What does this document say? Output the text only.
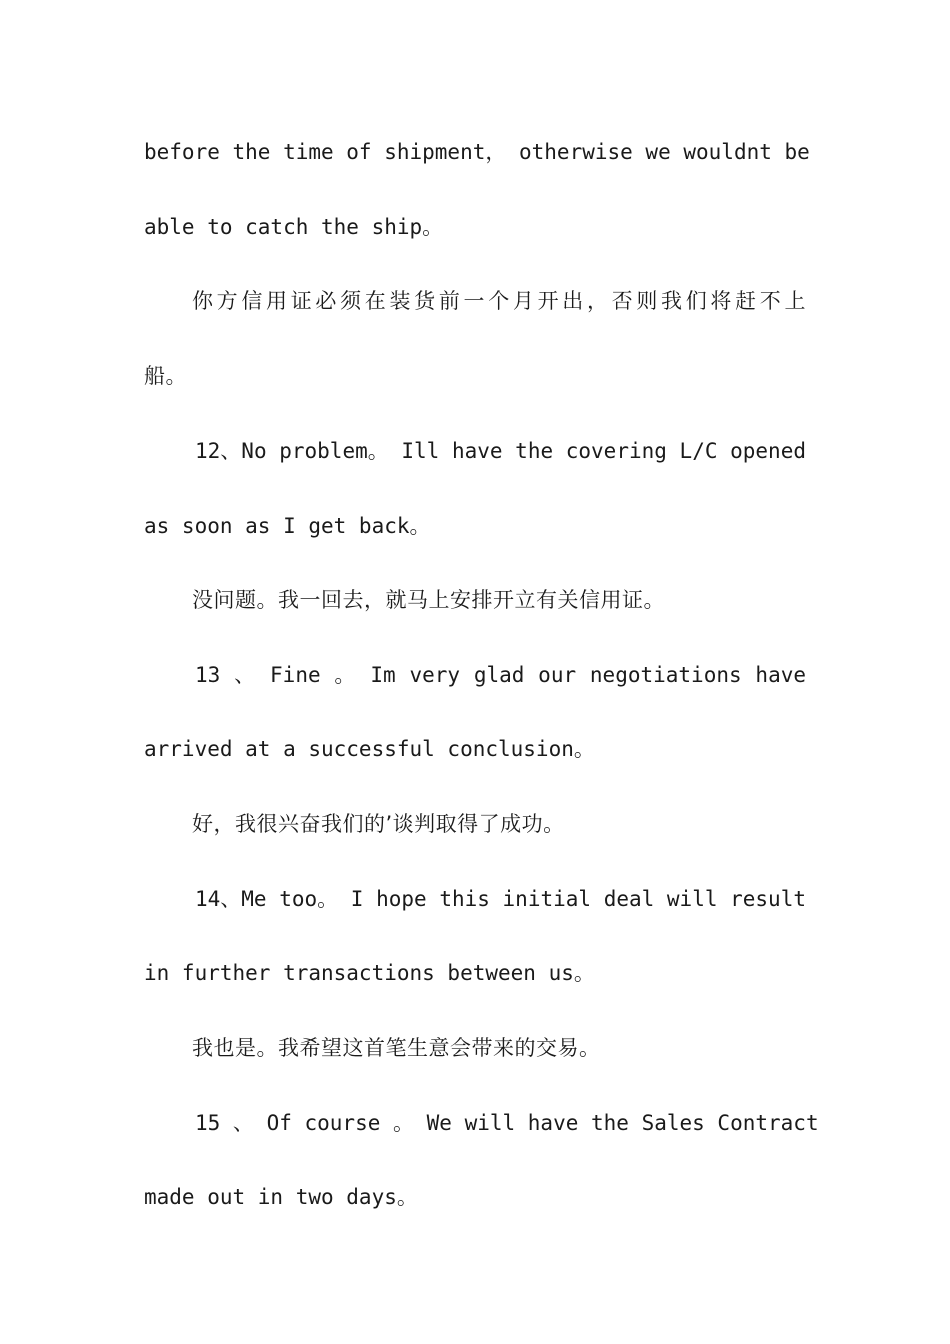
before the time of shipment， otherwise we wouldnt be
able to catch the ship。
你方信用证必须在装货前一个月开出，否则我们将赶不上
船。
12、No problem。 Ill have the covering L/C opened
as soon as I get back。
没问题。我一回去，就马上安排开立有关信用证。
13 、 Fine 。 Im very glad our negotiations have
arrived at a successful conclusion。
好，我很兴奋我们的’谈判取得了成功。
14、Me too。 I hope this initial deal will result
in further transactions between us。
我也是。我希望这首笔生意会带来的交易。
15 、 Of course 。 We will have the Sales Contract
made out in two days。
